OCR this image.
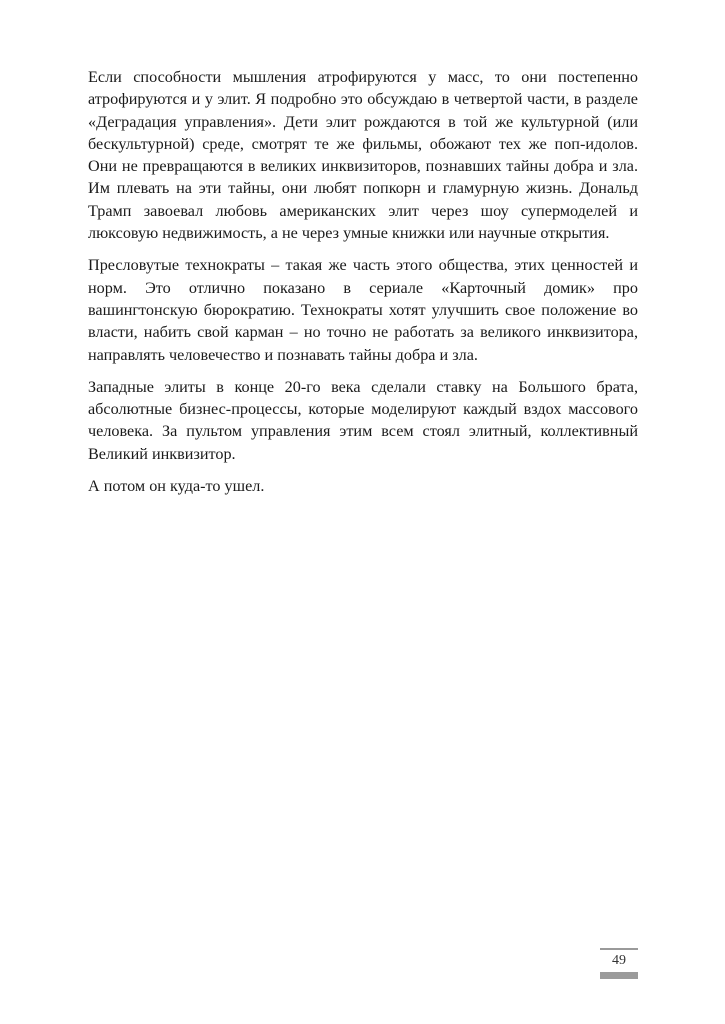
Если способности мышления атрофируются у масс, то они постепенно атрофируются и у элит. Я подробно это обсуждаю в четвертой части, в разделе «Деградация управления». Дети элит рождаются в той же культурной (или бескультурной) среде, смотрят те же фильмы, обожают тех же поп-идолов. Они не превращаются в великих инквизиторов, познавших тайны добра и зла. Им плевать на эти тайны, они любят попкорн и гламурную жизнь. Дональд Трамп завоевал любовь американских элит через шоу супермоделей и люксовую недвижимость, а не через умные книжки или научные открытия.

Пресловутые технократы – такая же часть этого общества, этих ценностей и норм. Это отлично показано в сериале «Карточный домик» про вашингтонскую бюрократию. Технократы хотят улучшить свое положение во власти, набить свой карман – но точно не работать за великого инквизитора, направлять человечество и познавать тайны добра и зла.

Западные элиты в конце 20-го века сделали ставку на Большого брата, абсолютные бизнес-процессы, которые моделируют каждый вздох массового человека. За пультом управления этим всем стоял элитный, коллективный Великий инквизитор.

А потом он куда-то ушел.

49
